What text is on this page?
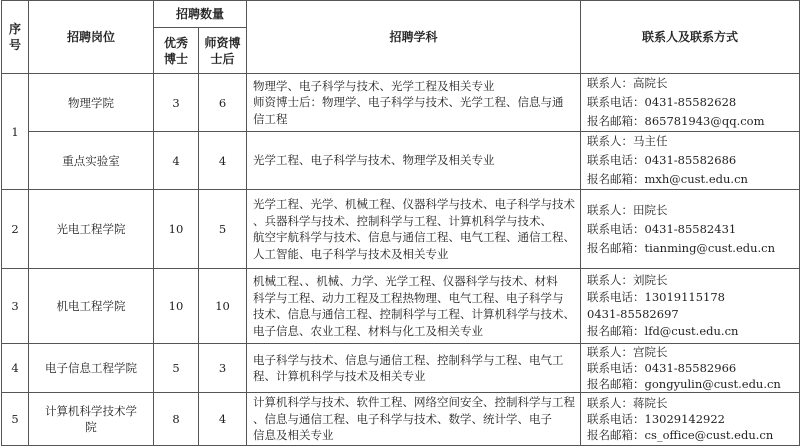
序号	招聘岗位	招聘数量		招聘学科	联系人及联系方式
		优秀博士	师资博士后		
1	物理学院	3	6	物理学、电子科学与技术、光学工程及相关专业
师资博士后：物理学、电子科学与技术、光学工程、信息与通
信工程	联系人：高院长
联系电话：0431-85582628
报名邮箱：865781943@qq.com

	重点实验室	4	4	光学工程、电子科学与技术、物理学及相关专业	联系人：马主任
联系电话：0431-85582686
报名邮箱：mxh@cust.edu.cn

2	光电工程学院	10	5	光学工程、光学、机械工程、仪器科学与技术、电子科学与技术
、兵器科学与技术、控制科学与工程、计算机科学与技术、
航空宇航科学与技术、信息与通信工程、电气工程、通信工程、
人工智能、电子科学与技术及相关专业	联系人：田院长
联系电话：0431-85582431
报名邮箱：tianming@cust.edu.cn

3	机电工程学院	10	10	机械工程、、机械、力学、光学工程、仪器科学与技术、材料
科学与工程、动力工程及工程热物理、电气工程、电子科学与
技术、信息与通信工程、控制科学与工程、计算机科学与技术、
电子信息、农业工程、材料与化工及相关专业	联系人：刘院长
联系电话：13019115178
0431-85582697
报名邮箱：lfd@cust.edu.cn

4	电子信息工程学院	5	3	电子科学与技术、信息与通信工程、控制科学与工程、电气工
程、计算机科学与技术及相关专业	联系人：宫院长
联系电话：0431-85582966
报名邮箱：gongyulin@cust.edu.cn

5	计算机科学技术学院	8	4	计算机科学与技术、软件工程、网络空间安全、控制科学与工程
、信息与通信工程、电子科学与技术、数学、统计学、电子
信息及相关专业	联系人：蒋院长
联系电话：13029142922
报名邮箱：cs_office@cust.edu.cn
